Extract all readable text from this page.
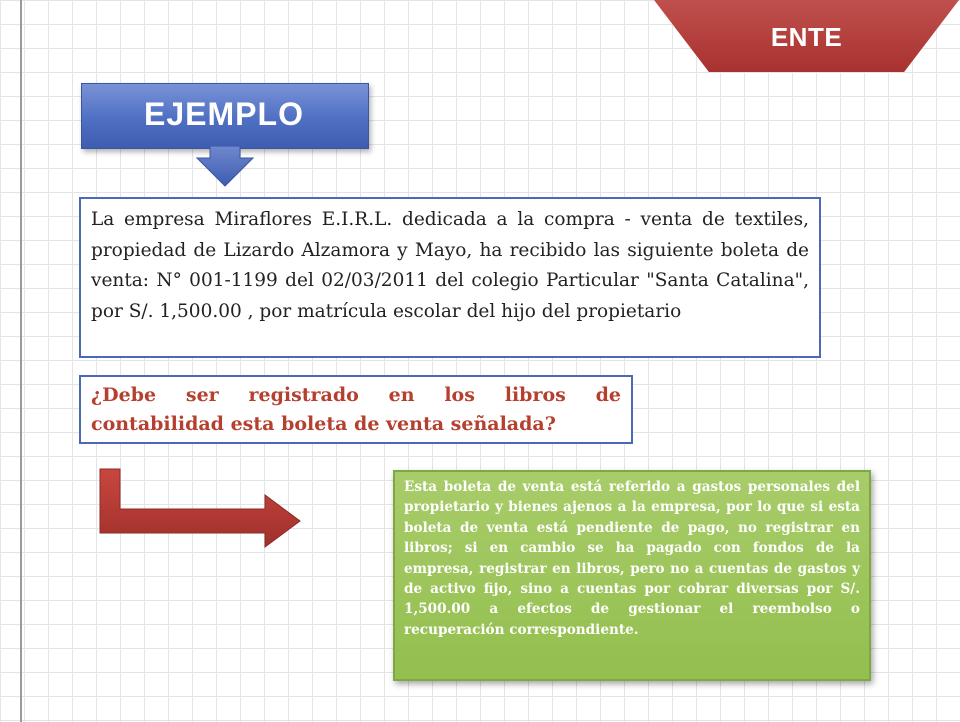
ENTE
EJEMPLO
La empresa Miraflores E.I.R.L. dedicada a la compra - venta de textiles, propiedad de Lizardo Alzamora y Mayo, ha recibido las siguiente boleta de venta: N° 001-1199 del 02/03/2011 del colegio Particular "Santa Catalina", por S/. 1,500.00 , por matrícula escolar del hijo del propietario
¿Debe ser registrado en los libros de contabilidad esta boleta de venta señalada?
Esta boleta de venta está referido a gastos personales del propietario y bienes ajenos a la empresa, por lo que si esta boleta de venta está pendiente de pago, no registrar en libros; si en cambio se ha pagado con fondos de la empresa, registrar en libros, pero no a cuentas de gastos y de activo fijo, sino a cuentas por cobrar diversas por S/. 1,500.00 a efectos de gestionar el reembolso o recuperación correspondiente.
